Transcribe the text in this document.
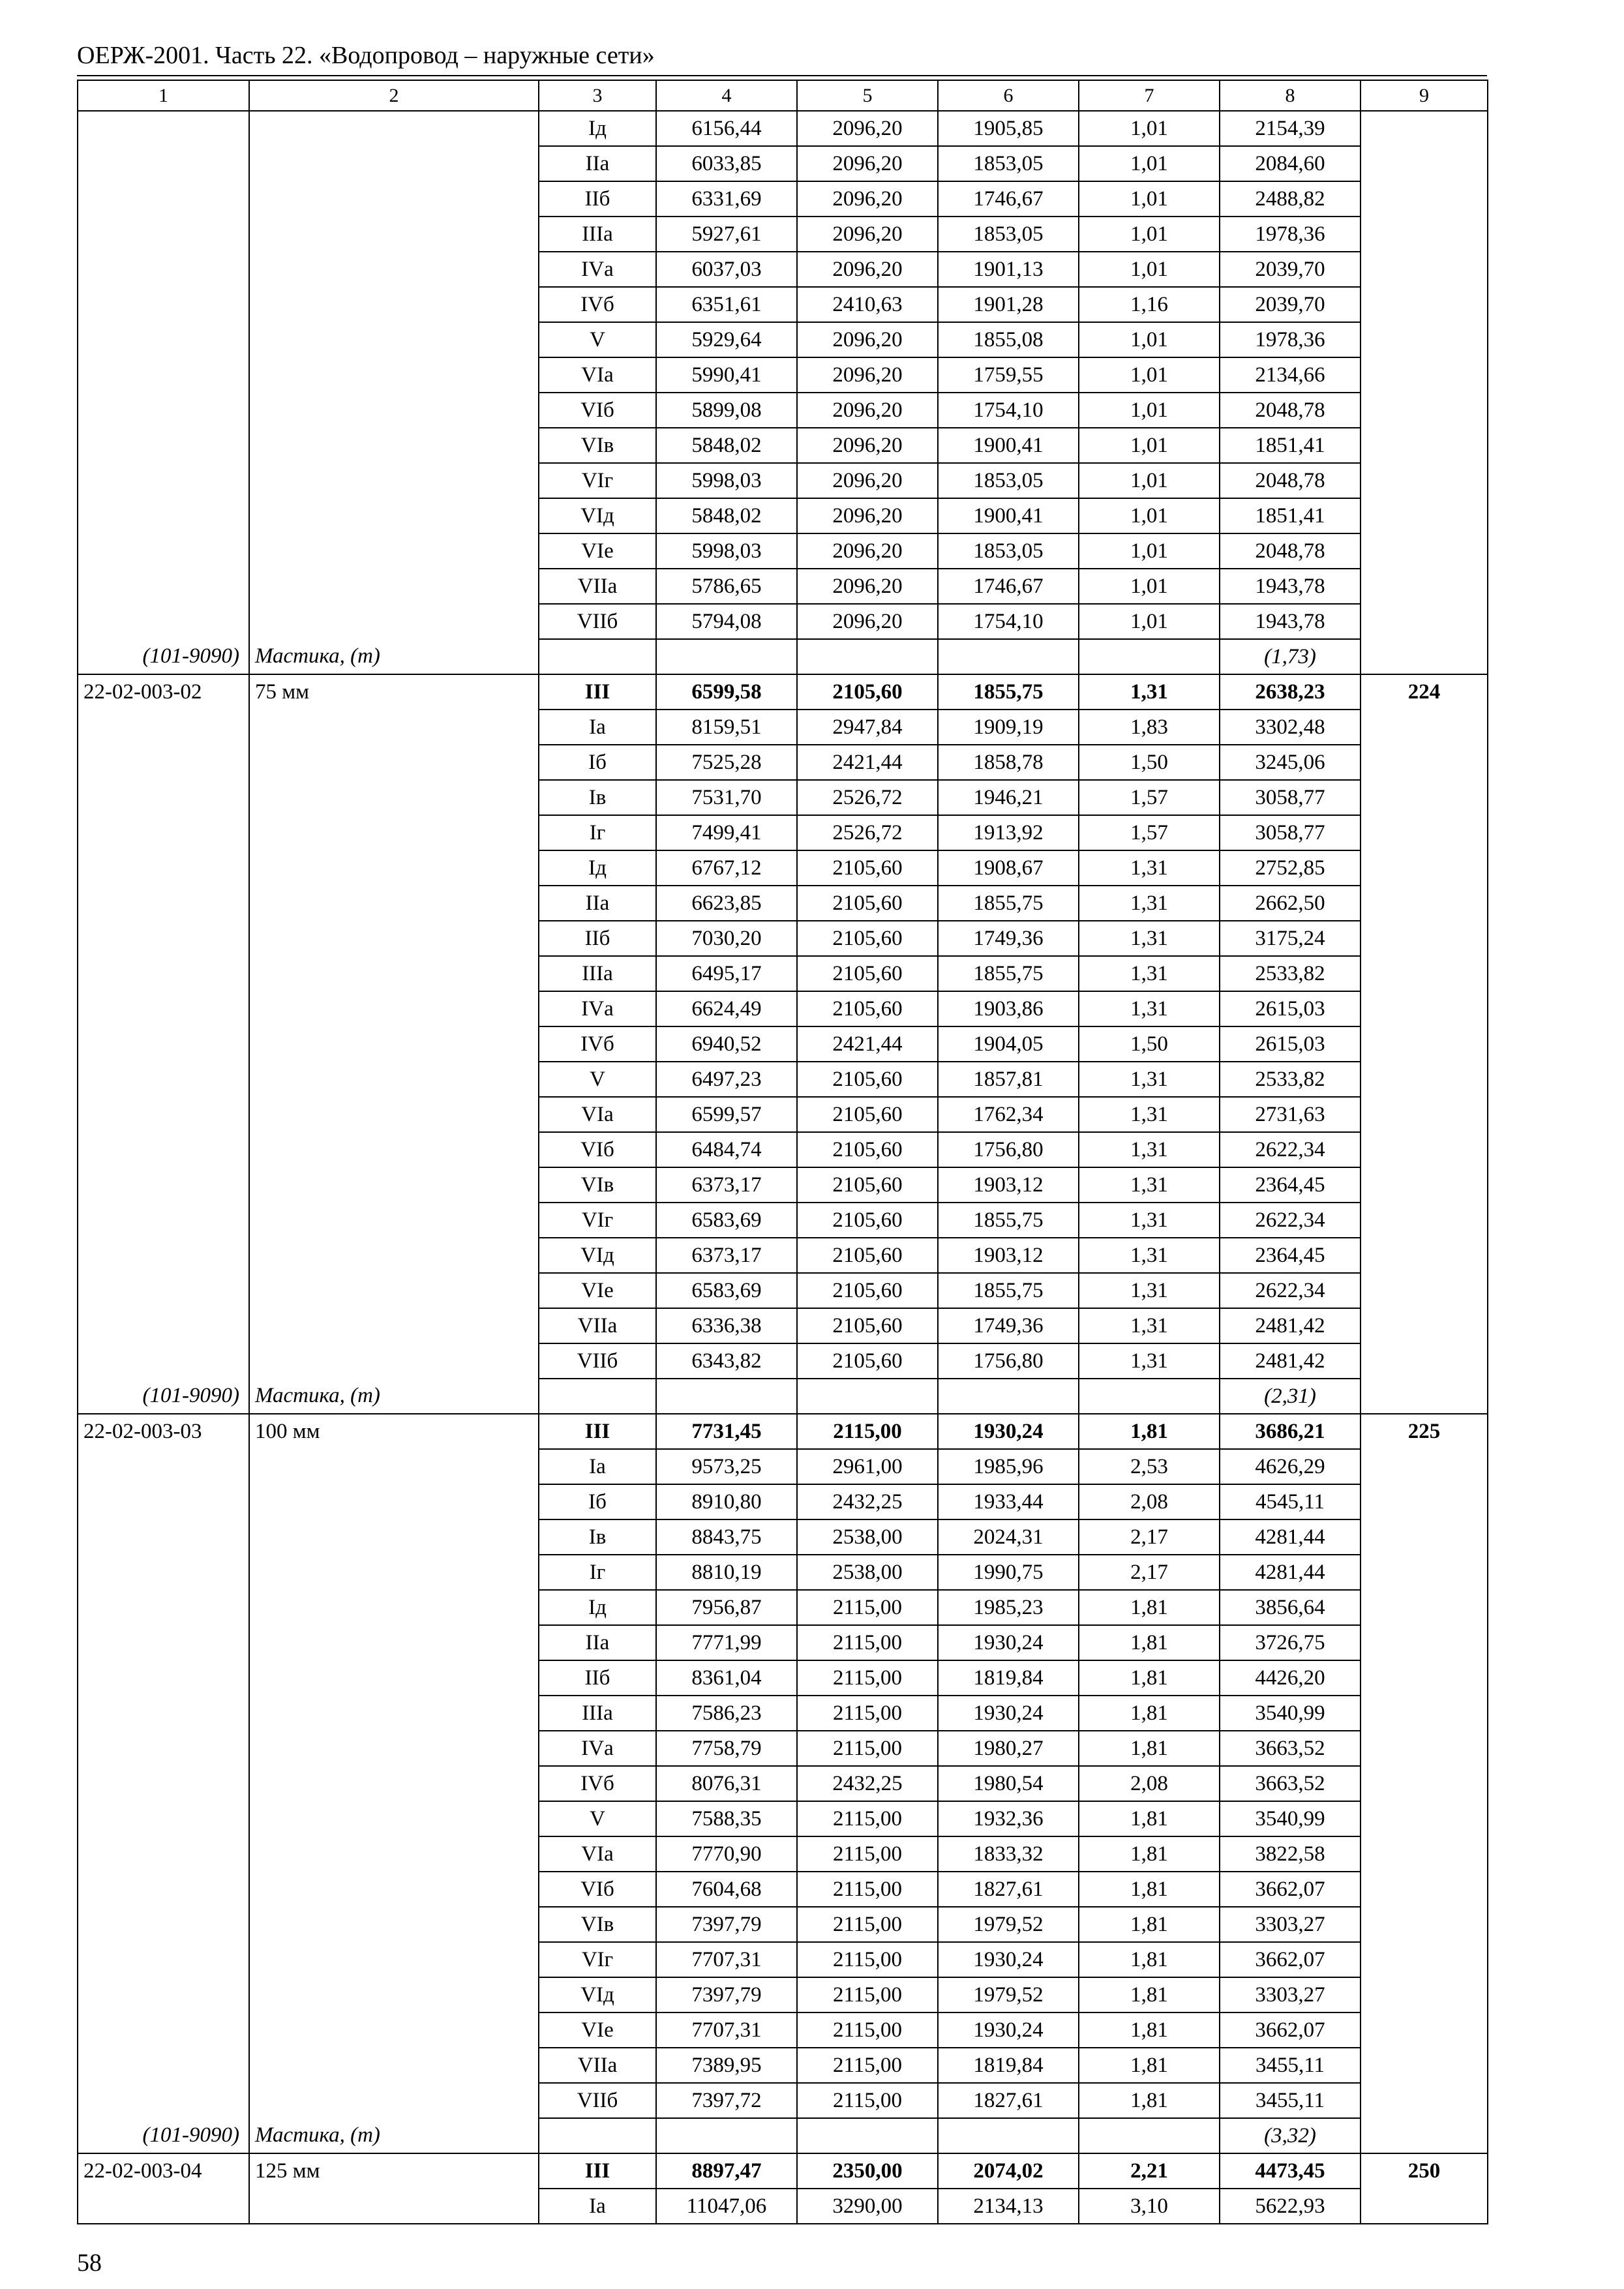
ОЕРЖ-2001. Часть 22. «Водопровод – наружные сети»
1	2	3	4	5	6	7	8	9
		Iд	6156,44	2096,20	1905,85	1,01	2154,39	
		IIа	6033,85	2096,20	1853,05	1,01	2084,60	
		IIб	6331,69	2096,20	1746,67	1,01	2488,82	
		IIIа	5927,61	2096,20	1853,05	1,01	1978,36	
		IVа	6037,03	2096,20	1901,13	1,01	2039,70	
		IVб	6351,61	2410,63	1901,28	1,16	2039,70	
		V	5929,64	2096,20	1855,08	1,01	1978,36	
		VIа	5990,41	2096,20	1759,55	1,01	2134,66	
		VIб	5899,08	2096,20	1754,10	1,01	2048,78	
		VIв	5848,02	2096,20	1900,41	1,01	1851,41	
		VIг	5998,03	2096,20	1853,05	1,01	2048,78	
		VIд	5848,02	2096,20	1900,41	1,01	1851,41	
		VIе	5998,03	2096,20	1853,05	1,01	2048,78	
		VIIа	5786,65	2096,20	1746,67	1,01	1943,78	
		VIIб	5794,08	2096,20	1754,10	1,01	1943,78	
(101-9090)	Мастика, (т)						(1,73)	
22-02-003-02	75 мм	III	6599,58	2105,60	1855,75	1,31	2638,23	224
		Iа	8159,51	2947,84	1909,19	1,83	3302,48	
		Iб	7525,28	2421,44	1858,78	1,50	3245,06	
		Iв	7531,70	2526,72	1946,21	1,57	3058,77	
		Iг	7499,41	2526,72	1913,92	1,57	3058,77	
		Iд	6767,12	2105,60	1908,67	1,31	2752,85	
		IIа	6623,85	2105,60	1855,75	1,31	2662,50	
		IIб	7030,20	2105,60	1749,36	1,31	3175,24	
		IIIа	6495,17	2105,60	1855,75	1,31	2533,82	
		IVа	6624,49	2105,60	1903,86	1,31	2615,03	
		IVб	6940,52	2421,44	1904,05	1,50	2615,03	
		V	6497,23	2105,60	1857,81	1,31	2533,82	
		VIа	6599,57	2105,60	1762,34	1,31	2731,63	
		VIб	6484,74	2105,60	1756,80	1,31	2622,34	
		VIв	6373,17	2105,60	1903,12	1,31	2364,45	
		VIг	6583,69	2105,60	1855,75	1,31	2622,34	
		VIд	6373,17	2105,60	1903,12	1,31	2364,45	
		VIе	6583,69	2105,60	1855,75	1,31	2622,34	
		VIIа	6336,38	2105,60	1749,36	1,31	2481,42	
		VIIб	6343,82	2105,60	1756,80	1,31	2481,42	
(101-9090)	Мастика, (т)						(2,31)	
22-02-003-03	100 мм	III	7731,45	2115,00	1930,24	1,81	3686,21	225
		Iа	9573,25	2961,00	1985,96	2,53	4626,29	
		Iб	8910,80	2432,25	1933,44	2,08	4545,11	
		Iв	8843,75	2538,00	2024,31	2,17	4281,44	
		Iг	8810,19	2538,00	1990,75	2,17	4281,44	
		Iд	7956,87	2115,00	1985,23	1,81	3856,64	
		IIа	7771,99	2115,00	1930,24	1,81	3726,75	
		IIб	8361,04	2115,00	1819,84	1,81	4426,20	
		IIIа	7586,23	2115,00	1930,24	1,81	3540,99	
		IVа	7758,79	2115,00	1980,27	1,81	3663,52	
		IVб	8076,31	2432,25	1980,54	2,08	3663,52	
		V	7588,35	2115,00	1932,36	1,81	3540,99	
		VIа	7770,90	2115,00	1833,32	1,81	3822,58	
		VIб	7604,68	2115,00	1827,61	1,81	3662,07	
		VIв	7397,79	2115,00	1979,52	1,81	3303,27	
		VIг	7707,31	2115,00	1930,24	1,81	3662,07	
		VIд	7397,79	2115,00	1979,52	1,81	3303,27	
		VIе	7707,31	2115,00	1930,24	1,81	3662,07	
		VIIа	7389,95	2115,00	1819,84	1,81	3455,11	
		VIIб	7397,72	2115,00	1827,61	1,81	3455,11	
(101-9090)	Мастика, (т)						(3,32)	
22-02-003-04	125 мм	III	8897,47	2350,00	2074,02	2,21	4473,45	250
		Iа	11047,06	3290,00	2134,13	3,10	5622,93	
58
